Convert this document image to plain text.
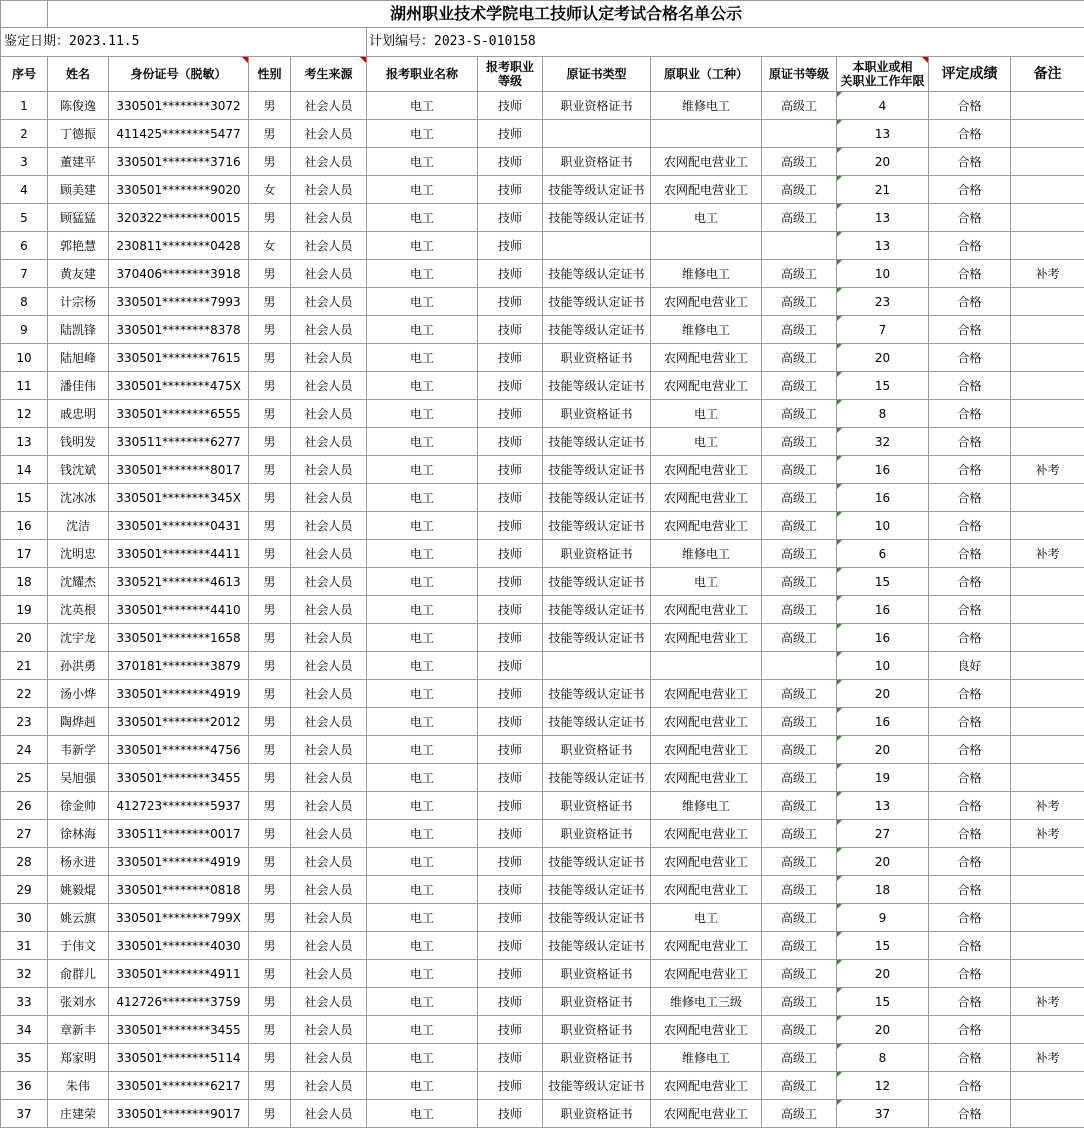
	湖州职业技术学院电工技师认定考试合格名单公示											
鉴定日期：2023.11.5					计划编号：2023-S-010158							
序号	姓名	身份证号（脱敏）	性别	考生来源	报考职业名称	报考职业
等级	原证书类型	原职业（工种）	原证书等级	本职业或相
关职业工作年限	评定成绩	备注
1	陈俊逸	330501********3072	男	社会人员	电工	技师	职业资格证书	维修电工	高级工	4	合格	
2	丁德振	411425********5477	男	社会人员	电工	技师				13	合格	
3	董建平	330501********3716	男	社会人员	电工	技师	职业资格证书	农网配电营业工	高级工	20	合格	
4	顾美建	330501********9020	女	社会人员	电工	技师	技能等级认定证书	农网配电营业工	高级工	21	合格	
5	顾猛猛	320322********0015	男	社会人员	电工	技师	技能等级认定证书	电工	高级工	13	合格	
6	郭艳慧	230811********0428	女	社会人员	电工	技师				13	合格	
7	黄友建	370406********3918	男	社会人员	电工	技师	技能等级认定证书	维修电工	高级工	10	合格	补考
8	计宗杨	330501********7993	男	社会人员	电工	技师	技能等级认定证书	农网配电营业工	高级工	23	合格	
9	陆凯锋	330501********8378	男	社会人员	电工	技师	技能等级认定证书	维修电工	高级工	7	合格	
10	陆旭峰	330501********7615	男	社会人员	电工	技师	职业资格证书	农网配电营业工	高级工	20	合格	
11	潘佳伟	330501********475X	男	社会人员	电工	技师	技能等级认定证书	农网配电营业工	高级工	15	合格	
12	戚忠明	330501********6555	男	社会人员	电工	技师	职业资格证书	电工	高级工	8	合格	
13	钱明发	330511********6277	男	社会人员	电工	技师	技能等级认定证书	电工	高级工	32	合格	
14	钱沈斌	330501********8017	男	社会人员	电工	技师	技能等级认定证书	农网配电营业工	高级工	16	合格	补考
15	沈冰冰	330501********345X	男	社会人员	电工	技师	技能等级认定证书	农网配电营业工	高级工	16	合格	
16	沈洁	330501********0431	男	社会人员	电工	技师	技能等级认定证书	农网配电营业工	高级工	10	合格	
17	沈明忠	330501********4411	男	社会人员	电工	技师	职业资格证书	维修电工	高级工	6	合格	补考
18	沈耀杰	330521********4613	男	社会人员	电工	技师	技能等级认定证书	电工	高级工	15	合格	
19	沈英根	330501********4410	男	社会人员	电工	技师	技能等级认定证书	农网配电营业工	高级工	16	合格	
20	沈宇龙	330501********1658	男	社会人员	电工	技师	技能等级认定证书	农网配电营业工	高级工	16	合格	
21	孙洪勇	370181********3879	男	社会人员	电工	技师				10	良好	
22	汤小烨	330501********4919	男	社会人员	电工	技师	技能等级认定证书	农网配电营业工	高级工	20	合格	
23	陶烨赳	330501********2012	男	社会人员	电工	技师	技能等级认定证书	农网配电营业工	高级工	16	合格	
24	韦新学	330501********4756	男	社会人员	电工	技师	职业资格证书	农网配电营业工	高级工	20	合格	
25	吴旭强	330501********3455	男	社会人员	电工	技师	技能等级认定证书	农网配电营业工	高级工	19	合格	
26	徐金帅	412723********5937	男	社会人员	电工	技师	职业资格证书	维修电工	高级工	13	合格	补考
27	徐林海	330511********0017	男	社会人员	电工	技师	职业资格证书	农网配电营业工	高级工	27	合格	补考
28	杨永进	330501********4919	男	社会人员	电工	技师	技能等级认定证书	农网配电营业工	高级工	20	合格	
29	姚毅焜	330501********0818	男	社会人员	电工	技师	技能等级认定证书	农网配电营业工	高级工	18	合格	
30	姚云旗	330501********799X	男	社会人员	电工	技师	技能等级认定证书	电工	高级工	9	合格	
31	于伟文	330501********4030	男	社会人员	电工	技师	技能等级认定证书	农网配电营业工	高级工	15	合格	
32	俞群儿	330501********4911	男	社会人员	电工	技师	职业资格证书	农网配电营业工	高级工	20	合格	
33	张刘水	412726********3759	男	社会人员	电工	技师	职业资格证书	维修电工三级	高级工	15	合格	补考
34	章新丰	330501********3455	男	社会人员	电工	技师	职业资格证书	农网配电营业工	高级工	20	合格	
35	郑家明	330501********5114	男	社会人员	电工	技师	职业资格证书	维修电工	高级工	8	合格	补考
36	朱伟	330501********6217	男	社会人员	电工	技师	技能等级认定证书	农网配电营业工	高级工	12	合格	
37	庄建荣	330501********9017	男	社会人员	电工	技师	职业资格证书	农网配电营业工	高级工	37	合格	
